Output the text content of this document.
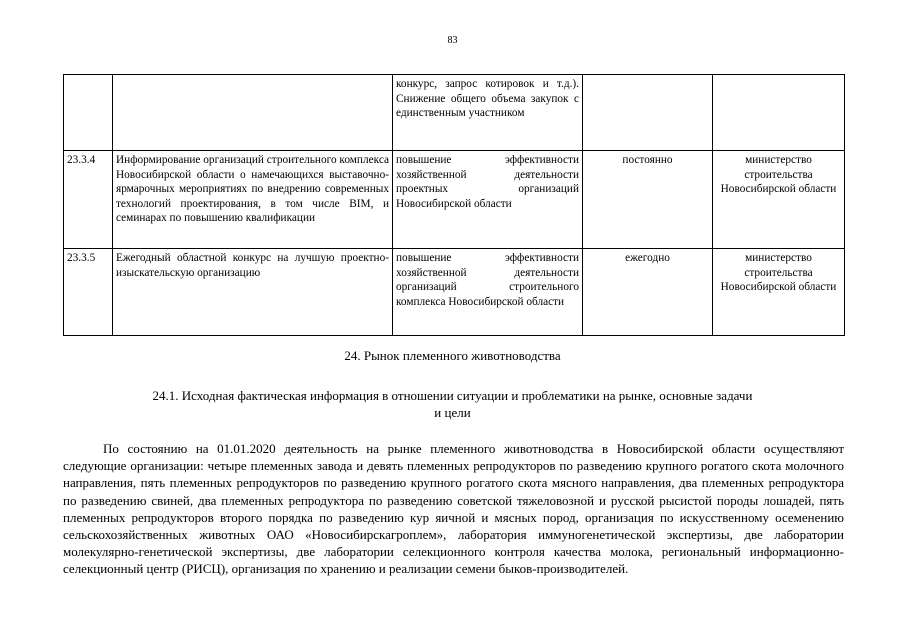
83
		конкурс, запрос котировок и т.д.). Снижение общего объема закупок с единственным участником		
23.3.4	Информирование организаций строительного комплекса Новосибирской области о намечающихся выставочно-ярмарочных мероприятиях по внедрению современных технологий проектирования, в том числе BIM, и семинарах по повышению квалификации	повышение эффективности хозяйственной деятельности проектных организаций Новосибирской области	постоянно	министерство строительства Новосибирской области
23.3.5	Ежегодный областной конкурс на лучшую проектно-изыскательскую организацию	повышение эффективности хозяйственной деятельности организаций строительного комплекса Новосибирской области	ежегодно	министерство строительства Новосибирской области
24. Рынок племенного животноводства
24.1. Исходная фактическая информация в отношении ситуации и проблематики на рынке, основные задачи и цели

По состоянию на 01.01.2020 деятельность на рынке племенного животноводства в Новосибирской области осуществляют следующие организации: четыре племенных завода и девять племенных репродукторов по разведению крупного рогатого скота молочного направления, пять племенных репродукторов по разведению крупного рогатого скота мясного направления, два племенных репродуктора по разведению свиней, два племенных репродуктора по разведению советской тяжеловозной и русской рысистой породы лошадей, пять племенных репродукторов второго порядка по разведению кур яичной и мясных пород, организация по искусственному осеменению сельскохозяйственных животных ОАО «Новосибирскагроплем», лаборатория иммуногенетической экспертизы, две лаборатории молекулярно-генетической экспертизы, две лаборатории селекционного контроля качества молока, региональный информационно-селекционный центр (РИСЦ), организация по хранению и реализации семени быков-производителей.
